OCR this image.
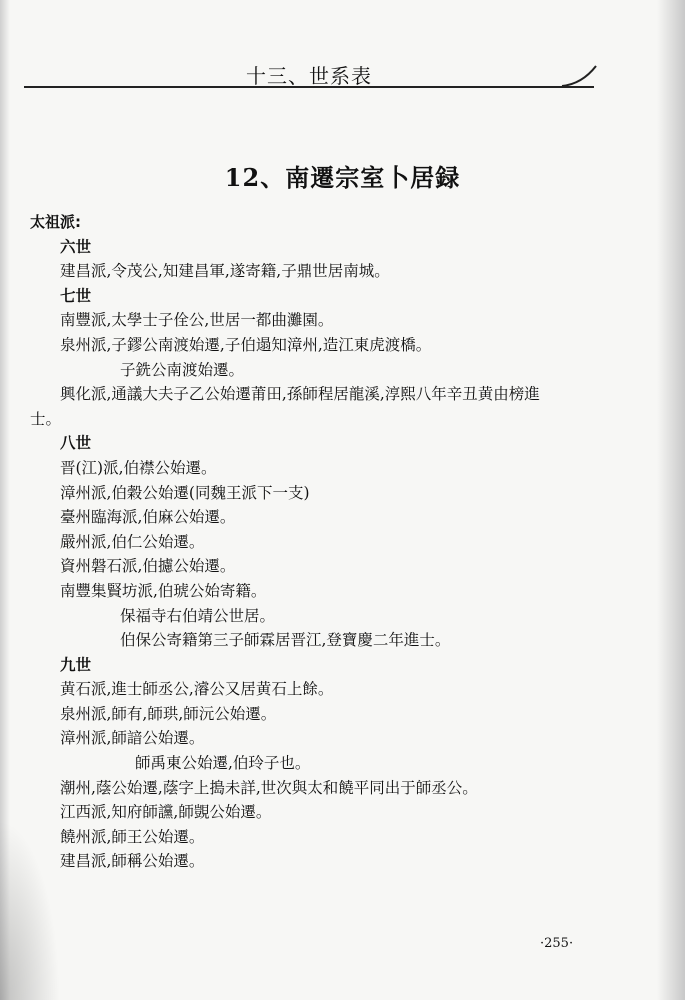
十三、世系表
12、南遷宗室卜居録
太祖派:
六世
建昌派,令茂公,知建昌軍,遂寄籍,子鼎世居南城。
七世
南豐派,太學士子佺公,世居一都曲灘園。
泉州派,子鏐公南渡始遷,子伯遢知漳州,造江東虎渡橋。
子銑公南渡始遷。
興化派,通議大夫子乙公始遷莆田,孫師程居龍溪,淳熙八年辛丑黄由榜進
士。
八世
晋(江)派,伯襟公始遷。
漳州派,伯穀公始遷(同魏王派下一支)
臺州臨海派,伯麻公始遷。
嚴州派,伯仁公始遷。
資州磐石派,伯攄公始遷。
南豐集賢坊派,伯琥公始寄籍。
保福寺右伯靖公世居。
伯保公寄籍第三子師霖居晋江,登寶慶二年進士。
九世
黄石派,進士師丞公,濬公又居黄石上餘。
泉州派,師有,師珙,師沅公始遷。
漳州派,師諳公始遷。
師禹東公始遷,伯玲子也。
潮州,蔭公始遷,蔭字上搗未詳,世次與太和饒平同出于師丞公。
江西派,知府師讜,師覬公始遷。
饒州派,師王公始遷。
建昌派,師稱公始遷。
·255·
